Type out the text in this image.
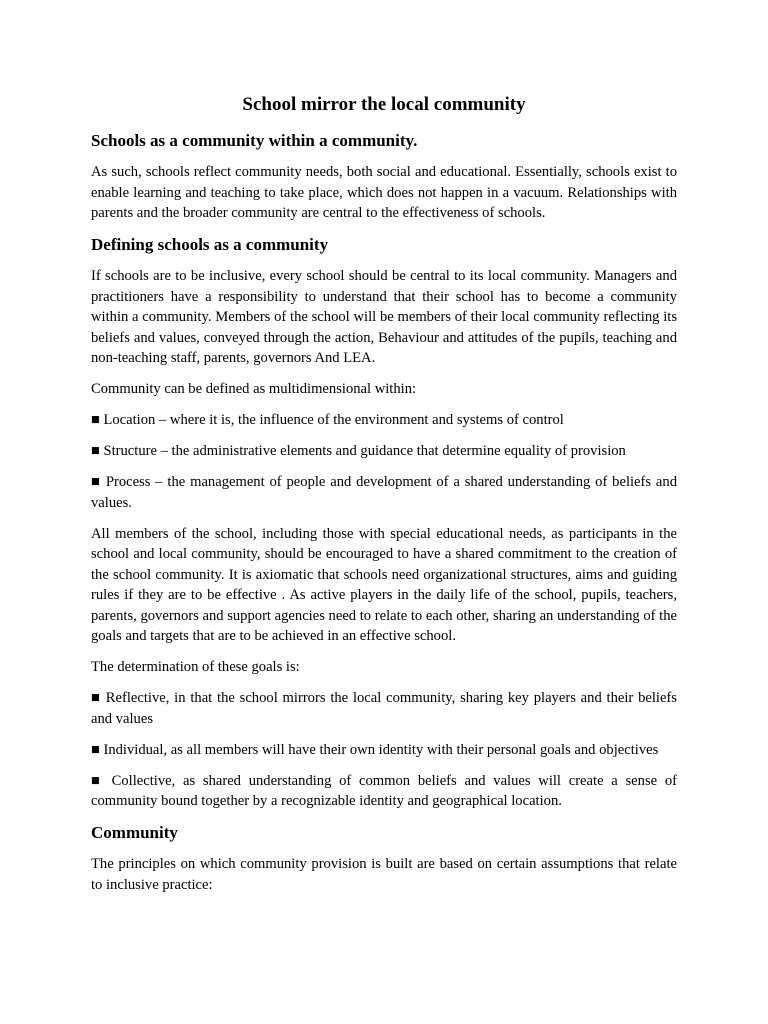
School mirror the local community
Schools as a community within a community.

As such, schools reflect community needs, both social and educational. Essentially, schools exist to enable learning and teaching to take place, which does not happen in a vacuum. Relationships with parents and the broader community are central to the effectiveness of schools.

Defining schools as a community

If schools are to be inclusive, every school should be central to its local community. Managers and practitioners have a responsibility to understand that their school has to become a community within a community. Members of the school will be members of their local community reflecting its beliefs and values, conveyed through the action, Behaviour and attitudes of the pupils, teaching and non-teaching staff, parents, governors And LEA.

Community can be defined as multidimensional within:

■ Location – where it is, the influence of the environment and systems of control

■ Structure – the administrative elements and guidance that determine equality of provision

■ Process – the management of people and development of a shared understanding of beliefs and values.

All members of the school, including those with special educational needs, as participants in the school and local community, should be encouraged to have a shared commitment to the creation of the school community. It is axiomatic that schools need organizational structures, aims and guiding rules if they are to be effective . As active players in the daily life of the school, pupils, teachers, parents, governors and support agencies need to relate to each other, sharing an understanding of the goals and targets that are to be achieved in an effective school.

The determination of these goals is:

■ Reflective, in that the school mirrors the local community, sharing key players and their beliefs and values

■ Individual, as all members will have their own identity with their personal goals and objectives

■ Collective, as shared understanding of common beliefs and values will create a sense of community bound together by a recognizable identity and geographical location.

Community

The principles on which community provision is built are based on certain assumptions that relate to inclusive practice:
